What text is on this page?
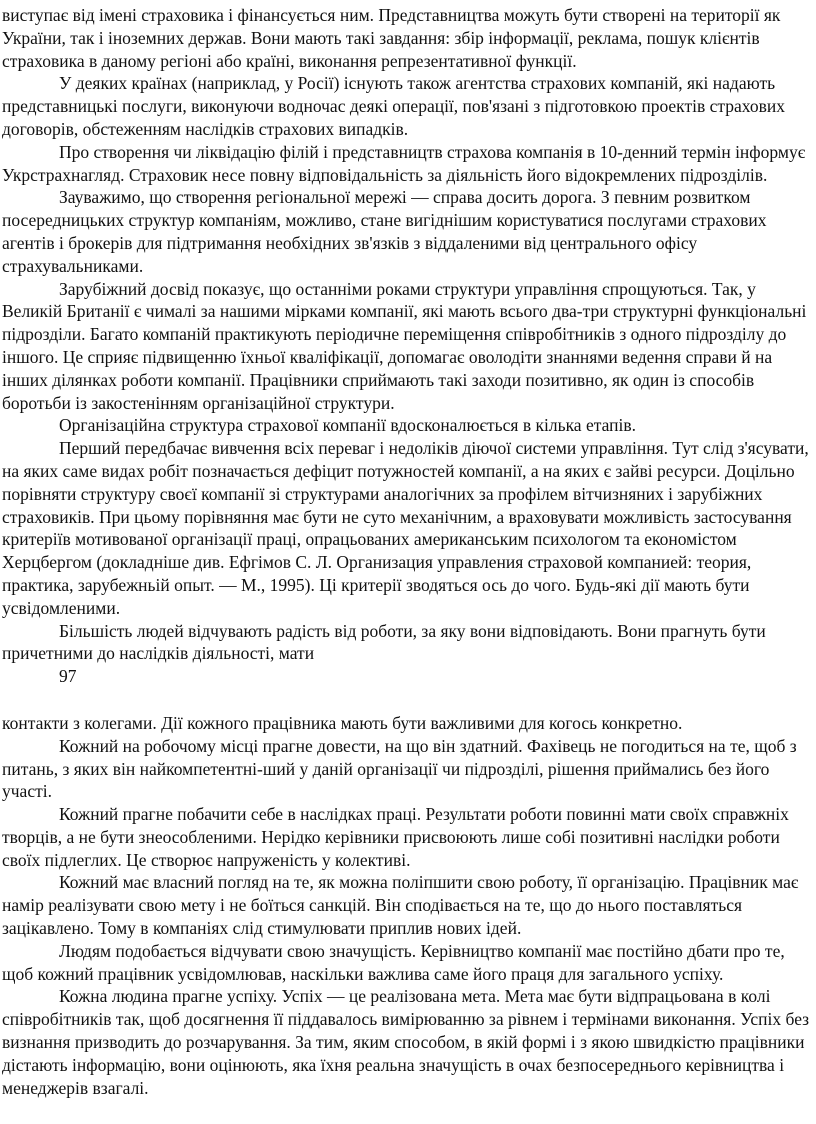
виступає від імені страховика і фінансується ним. Представництва можуть бути створені на території як України, так і іноземних держав. Вони мають такі завдання: збір інформації, реклама, пошук клієнтів страховика в даному регіоні або країні, виконання репрезентативної функції.

У деяких країнах (наприклад, у Росії) існують також агентства страхових компаній, які надають представницькі послуги, виконуючи водночас деякі операції, пов'язані з підготовкою проектів страхових договорів, обстеженням наслідків страхових випадків.

Про створення чи ліквідацію філій і представництв страхова компанія в 10-денний термін інформує Укрстрахнагляд. Страховик несе повну відповідальність за діяльність його відокремлених підрозділів.

Зауважимо, що створення регіональної мережі — справа досить дорога. З певним розвитком посередницьких структур компаніям, можливо, стане вигіднішим користуватися послугами страхових агентів і брокерів для підтримання необхідних зв'язків з віддаленими від центрального офісу страхувальниками.

Зарубіжний досвід показує, що останніми роками структури управління спрощуються. Так, у Великій Британії є чималі за нашими мірками компанії, які мають всього два-три структурні функціональні підрозділи. Багато компаній практикують періодичне переміщення співробітників з одного підрозділу до іншого. Це сприяє підвищенню їхньої кваліфікації, допомагає оволодіти знаннями ведення справи й на інших ділянках роботи компанії. Працівники сприймають такі заходи позитивно, як один із способів боротьби із закостенінням організаційної структури.

Організаційна структура страхової компанії вдосконалюється в кілька етапів.

Перший передбачає вивчення всіх переваг і недоліків діючої системи управління. Тут слід з'ясувати, на яких саме видах робіт позначається дефіцит потужностей компанії, а на яких є зайві ресурси. Доцільно порівняти структуру своєї компанії зі структурами аналогічних за профілем вітчизняних і зарубіжних страховиків. При цьому порівняння має бути не суто механічним, а враховувати можливість застосування критеріїв мотивованої організації праці, опрацьованих американським психологом та економістом Херцбергом (докладніше див. Ефгімов С. Л. Организация управления страховой компанией: теория, практика, зарубежньій опыт. — М., 1995). Ці критерії зводяться ось до чого. Будь-які дії мають бути усвідомленими.

Більшість людей відчувають радість від роботи, за яку вони відповідають. Вони прагнуть бути причетними до наслідків діяльності, мати

97

контакти з колегами. Дії кожного працівника мають бути важливими для когось конкретно.

Кожний на робочому місці прагне довести, на що він здатний. Фахівець не погодиться на те, щоб з питань, з яких він найкомпетентні-ший у даній організації чи підрозділі, рішення приймались без його участі.

Кожний прагне побачити себе в наслідках праці. Результати роботи повинні мати своїх справжніх творців, а не бути знеособленими. Нерідко керівники присвоюють лише собі позитивні наслідки роботи своїх підлеглих. Це створює напруженість у колективі.

Кожний має власний погляд на те, як можна поліпшити свою роботу, її організацію. Працівник має намір реалізувати свою мету і не боїться санкцій. Він сподівається на те, що до нього поставляться зацікавлено. Тому в компаніях слід стимулювати приплив нових ідей.

Людям подобається відчувати свою значущість. Керівництво компанії має постійно дбати про те, щоб кожний працівник усвідомлював, наскільки важлива саме його праця для загального успіху.

Кожна людина прагне успіху. Успіх — це реалізована мета. Мета має бути відпрацьована в колі співробітників так, щоб досягнення її піддавалось вимірюванню за рівнем і термінами виконання. Успіх без визнання призводить до розчарування. За тим, яким способом, в якій формі і з якою швидкістю працівники дістають інформацію, вони оцінюють, яка їхня реальна значущість в очах безпосереднього керівництва і менеджерів взагалі.
